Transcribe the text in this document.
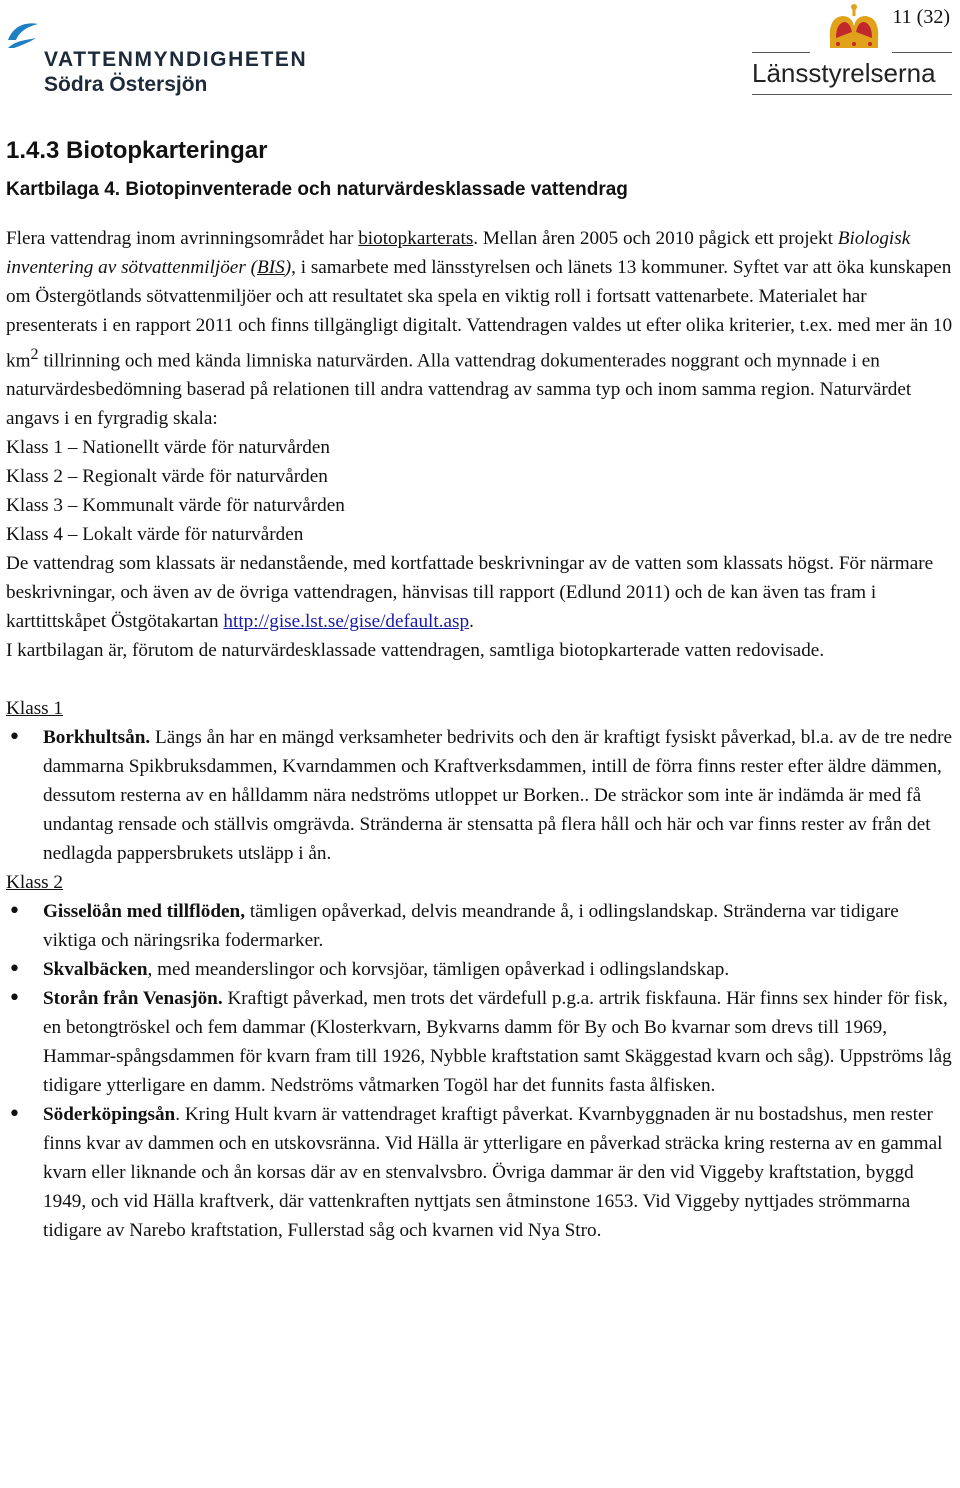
VATTENMYNDIGHETEN
Södra Östersjön
11 (32)
Länsstyrelserna
1.4.3 Biotopkarteringar
Kartbilaga 4. Biotopinventerade och naturvärdesklassade vattendrag

Flera vattendrag inom avrinningsområdet har biotopkarterats. Mellan åren 2005 och 2010 pågick ett projekt Biologisk inventering av sötvattenmiljöer (BIS), i samarbete med länsstyrelsen och länets 13 kommuner. Syftet var att öka kunskapen om Östergötlands sötvattenmiljöer och att resultatet ska spela en viktig roll i fortsatt vattenarbete. Materialet har presenterats i en rapport 2011 och finns tillgängligt digitalt. Vattendragen valdes ut efter olika kriterier, t.ex. med mer än 10 $km^2$ tillrinning och med kända limniska naturvärden. Alla vattendrag dokumenterades noggrant och mynnade i en naturvärdesbedömning baserad på relationen till andra vattendrag av samma typ och inom samma region. Naturvärdet angavs i en fyrgradig skala:

Klass 1 – Nationellt värde för naturvården

Klass 2 – Regionalt värde för naturvården

Klass 3 – Kommunalt värde för naturvården

Klass 4 – Lokalt värde för naturvården

De vattendrag som klassats är nedanstående, med kortfattade beskrivningar av de vatten som klassats högst. För närmare beskrivningar, och även av de övriga vattendragen, hänvisas till rapport (Edlund 2011) och de kan även tas fram i karttittskåpet Östgötakartan http://gise.lst.se/gise/default.asp.

I kartbilagan är, förutom de naturvärdesklassade vattendragen, samtliga biotopkarterade vatten redovisade.

Klass 1
• Borkhultsån. Längs ån har en mängd verksamheter bedrivits och den är kraftigt fysiskt påverkad, bl.a. av de tre nedre dammarna Spikbruksdammen, Kvarndammen och Kraftverksdammen, intill de förra finns rester efter äldre dämmen, dessutom resterna av en hålldamm nära nedströms utloppet ur Borken.. De sträckor som inte är indämda är med få undantag rensade och ställvis omgrävda. Stränderna är stensatta på flera håll och här och var finns rester av från det nedlagda pappersbrukets utsläpp i ån.
Klass 2
• Gisselöån med tillflöden, tämligen opåverkad, delvis meandrande å, i odlingslandskap. Stränderna var tidigare viktiga och näringsrika fodermarker.
• Skvalbäcken, med meanderslingor och korvsjöar, tämligen opåverkad i odlingslandskap.
• Storån från Venasjön. Kraftigt påverkad, men trots det värdefull p.g.a. artrik fiskfauna. Här finns sex hinder för fisk, en betongtröskel och fem dammar (Klosterkvarn, Bykvarns damm för By och Bo kvarnar som drevs till 1969, Hammar-spångsdammen för kvarn fram till 1926, Nybble kraftstation samt Skäggestad kvarn och såg). Uppströms låg tidigare ytterligare en damm. Nedströms våtmarken Togöl har det funnits fasta ålfisken.
• Söderköpingsån. Kring Hult kvarn är vattendraget kraftigt påverkat. Kvarnbyggnaden är nu bostadshus, men rester finns kvar av dammen och en utskovsränna. Vid Hälla är ytterligare en påverkad sträcka kring resterna av en gammal kvarn eller liknande och ån korsas där av en stenvalvsbro. Övriga dammar är den vid Viggeby kraftstation, byggd 1949, och vid Hälla kraftverk, där vattenkraften nyttjats sen åtminstone 1653. Vid Viggeby nyttjades strömmarna tidigare av Narebo kraftstation, Fullerstad såg och kvarnen vid Nya Stro.
